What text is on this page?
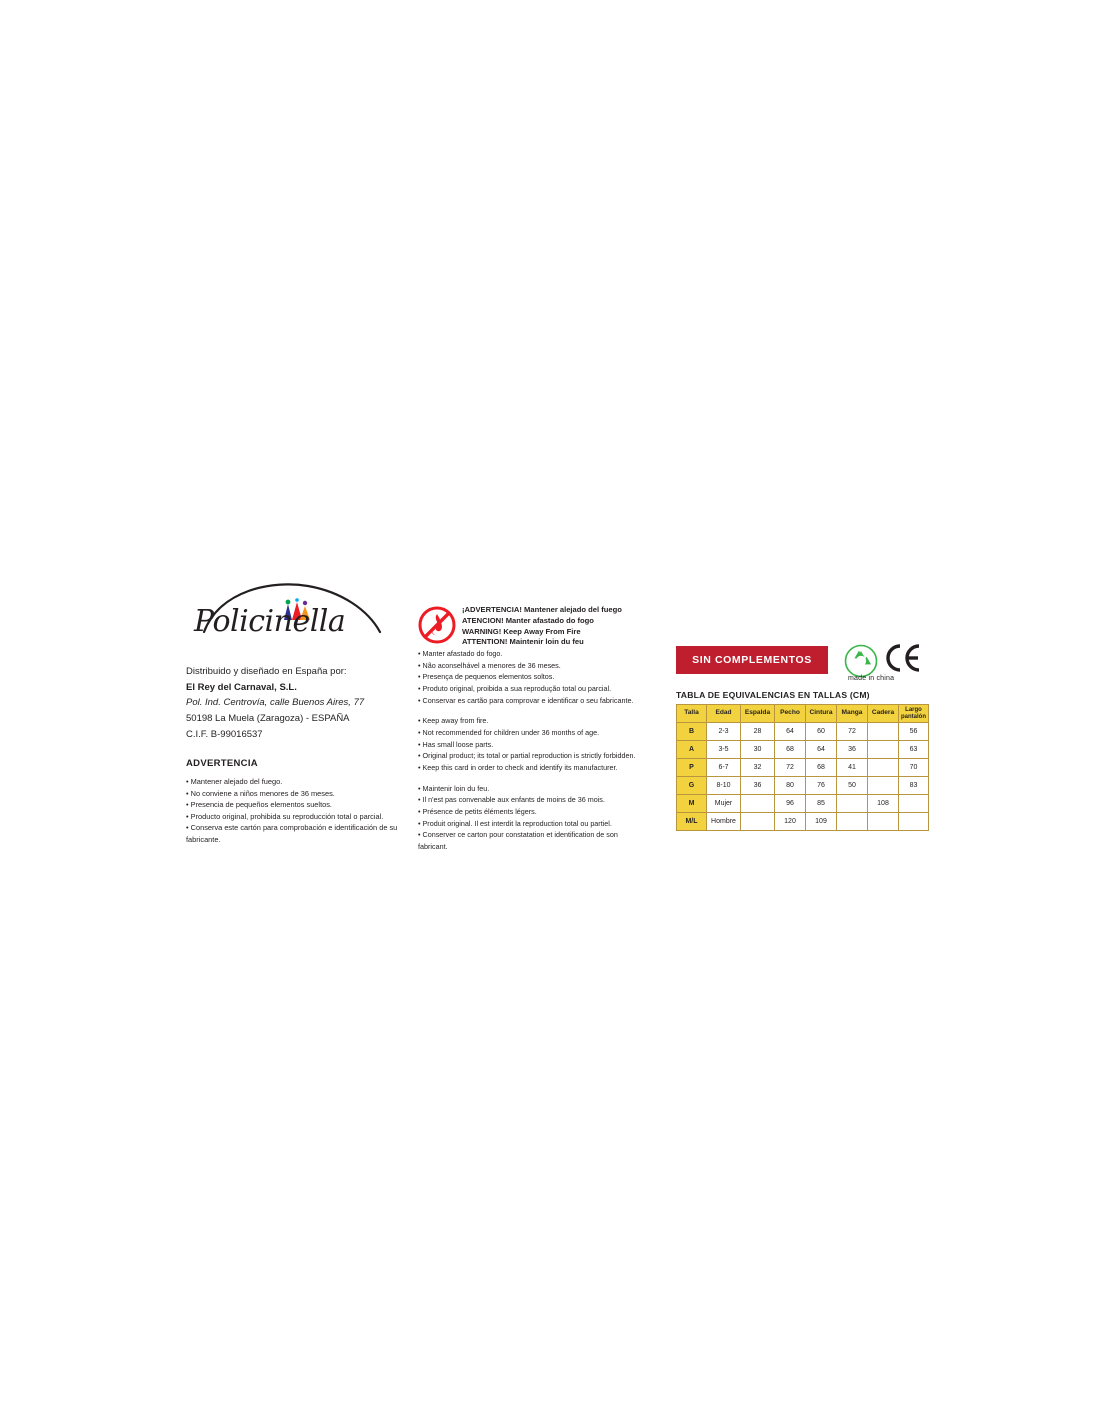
Policinella
Distribuido y diseñado en España por:
El Rey del Carnaval, S.L.
Pol. Ind. Centrovía, calle Buenos Aires, 77
50198 La Muela (Zaragoza) - ESPAÑA
C.I.F. B-99016537
ADVERTENCIA
• Mantener alejado del fuego.
• No conviene a niños menores de 36 meses.
• Presencia de pequeños elementos sueltos.
• Producto original, prohibida su reproducción total o parcial.
• Conserva este cartón para comprobación e identificación de su fabricante.
¡ADVERTENCIA! Mantener alejado del fuego
ATENCION! Manter afastado do fogo
WARNING! Keep Away From Fire
ATTENTION! Maintenir loin du feu
• Manter afastado do fogo.
• Não aconselhável a menores de 36 meses.
• Presença de pequenos elementos soltos.
• Produto original, proibida a sua reprodução total ou parcial.
• Conservar es cartão para comprovar e identificar o seu fabricante.
• Keep away from fire.
• Not recommended for children under 36 months of age.
• Has small loose parts.
• Original product; its total or partial reproduction is strictly forbidden.
• Keep this card in order to check and identify its manufacturer.
• Maintenir loin du feu.
• Il n'est pas convenable aux enfants de moins de 36 mois.
• Présence de petits éléments légers.
• Produit original. Il est interdit la reproduction total ou partiel.
• Conserver ce carton pour constatation et identification de son fabricant.
SIN COMPLEMENTOS
made in china
TABLA DE EQUIVALENCIAS EN TALLAS (CM)
Talla	Edad	Espalda	Pecho	Cintura	Manga	Cadera	Largo pantalón
B	2-3	28	64	60	72		56
A	3-5	30	68	64	36		63
P	6-7	32	72	68	41		70
G	8-10	36	80	76	50		83
M	Mujer		96	85		108	
M/L	Hombre		120	109			
